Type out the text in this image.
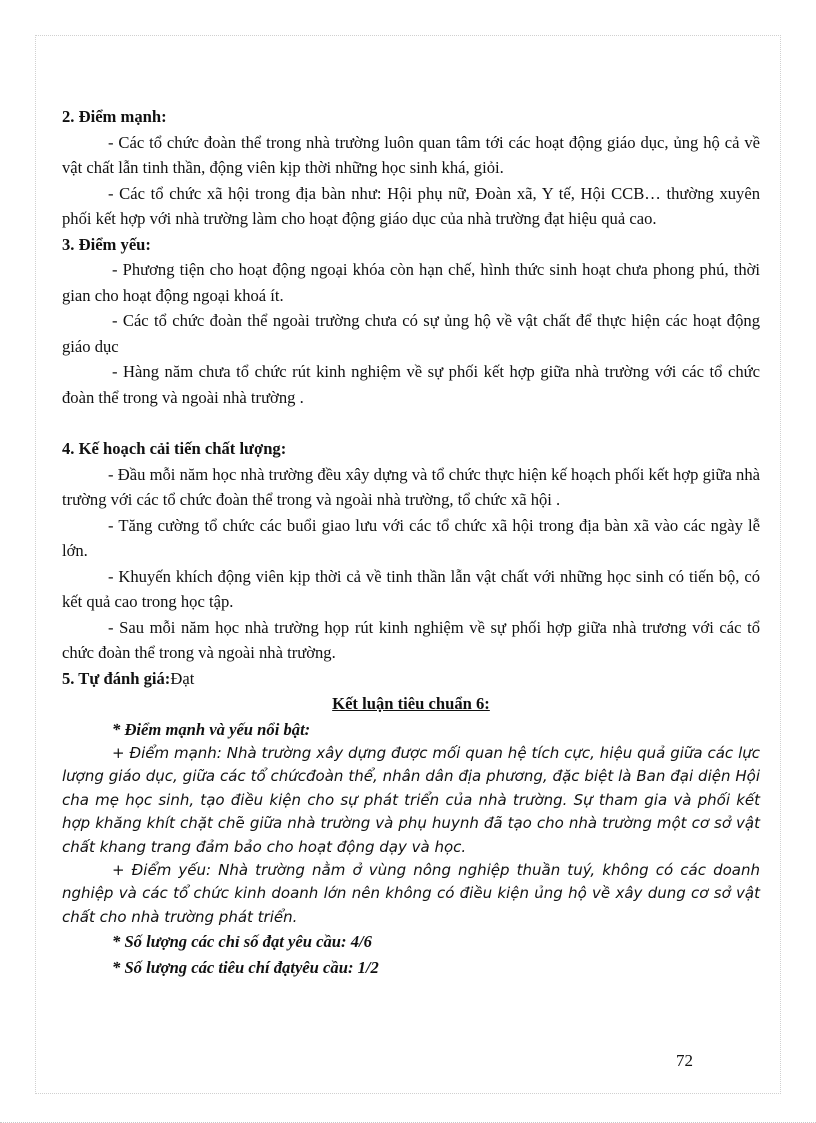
2. Điểm mạnh:

- Các tổ chức đoàn thể trong nhà trường luôn quan tâm tới các hoạt động giáo dục, ủng hộ cả về vật chất lẫn tinh thần, động viên kịp thời những học sinh khá, giỏi.

- Các tổ chức xã hội trong địa bàn như: Hội phụ nữ, Đoàn xã, Y tế, Hội CCB… thường xuyên phối kết hợp với nhà trường làm cho hoạt động giáo dục của nhà trường đạt hiệu quả cao.

3. Điểm yếu:

- Phương tiện cho hoạt động ngoại khóa còn hạn chế, hình thức sinh hoạt chưa phong phú, thời gian cho hoạt động ngoại khoá ít.

- Các tổ chức đoàn thể ngoài trường chưa có sự ủng hộ về vật chất để thực hiện các hoạt động giáo dục

- Hàng năm chưa tổ chức rút kinh nghiệm về sự phối kết hợp giữa nhà trường với các tổ chức đoàn thể trong và ngoài nhà trường .

4. Kế hoạch cải tiến chất lượng:

- Đầu mỗi năm học nhà trường đều xây dựng và tổ chức thực hiện kế hoạch phối kết hợp giữa nhà trường với các tổ chức đoàn thể trong và ngoài nhà trường, tổ chức xã hội .

- Tăng cường tổ chức các buổi giao lưu với các tổ chức xã hội trong địa bàn xã vào các ngày lễ lớn.

- Khuyến khích động viên kịp thời cả về tinh thần lẫn vật chất với những học sinh có tiến bộ, có kết quả cao trong học tập.

- Sau mỗi năm học nhà trường họp rút kinh nghiệm về sự phối hợp giữa nhà trương với các tổ chức đoàn thể trong và ngoài nhà trường.

5. Tự đánh giá:Đạt

Kết luận tiêu chuẩn 6:

* Điểm mạnh và yếu nổi bật:

+ Điểm mạnh: Nhà trường xây dựng được mối quan hệ tích cực, hiệu quả giữa các lực lượng giáo dục, giữa các tổ chứcđoàn thể, nhân dân địa phương, đặc biệt là Ban đại diện Hội cha mẹ học sinh, tạo điều kiện cho sự phát triển của nhà trường. Sự tham gia và phối kết hợp khăng khít chặt chẽ giữa nhà trường và phụ huynh đã tạo cho nhà trường một cơ sở vật chất khang trang đảm bảo cho hoạt động dạy và học.

+ Điểm yếu: Nhà trường nằm ở vùng nông nghiệp thuần tuý, không có các doanh nghiệp và các tổ chức kinh doanh lớn nên không có điều kiện ủng hộ về xây dung cơ sở vật chất cho nhà trường phát triển.

* Số lượng các chỉ số đạt yêu cầu: 4/6

* Số lượng các tiêu chí đạtyêu cầu: 1/2

72
